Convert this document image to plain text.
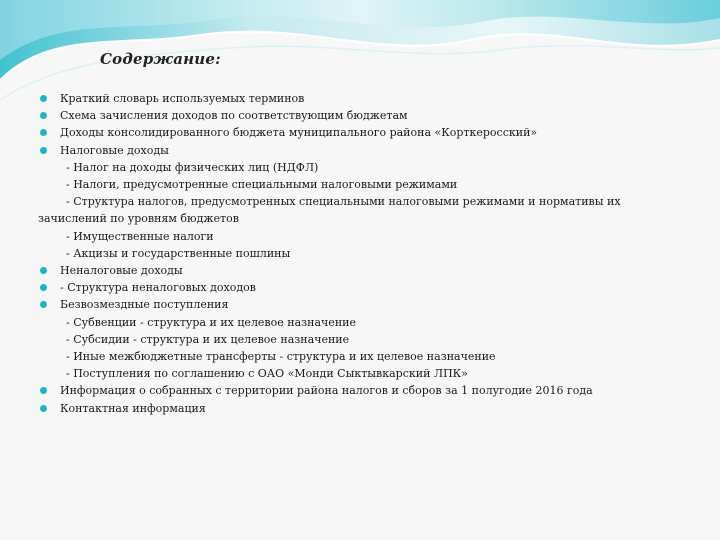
Содержание:
Краткий словарь используемых терминов
Схема зачисления доходов по соответствующим бюджетам
Доходы консолидированного бюджета муниципального района «Корткеросский»
Налоговые доходы
- Налог на доходы физических лиц (НДФЛ)
- Налоги, предусмотренные специальными налоговыми режимами
- Структура налогов, предусмотренных специальными налоговыми режимами и нормативы их
зачислений по уровням бюджетов
- Имущественные налоги
- Акцизы и государственные пошлины
Неналоговые доходы
- Структура неналоговых доходов
Безвозмездные поступления
- Субвенции - структура и их целевое назначение
- Субсидии - структура и их целевое назначение
- Иные межбюджетные трансферты - структура и их целевое назначение
- Поступления по соглашению с ОАО «Монди Сыктывкарский ЛПК»
Информация о собранных с территории района налогов и сборов за 1 полугодие 2016 года
Контактная информация
